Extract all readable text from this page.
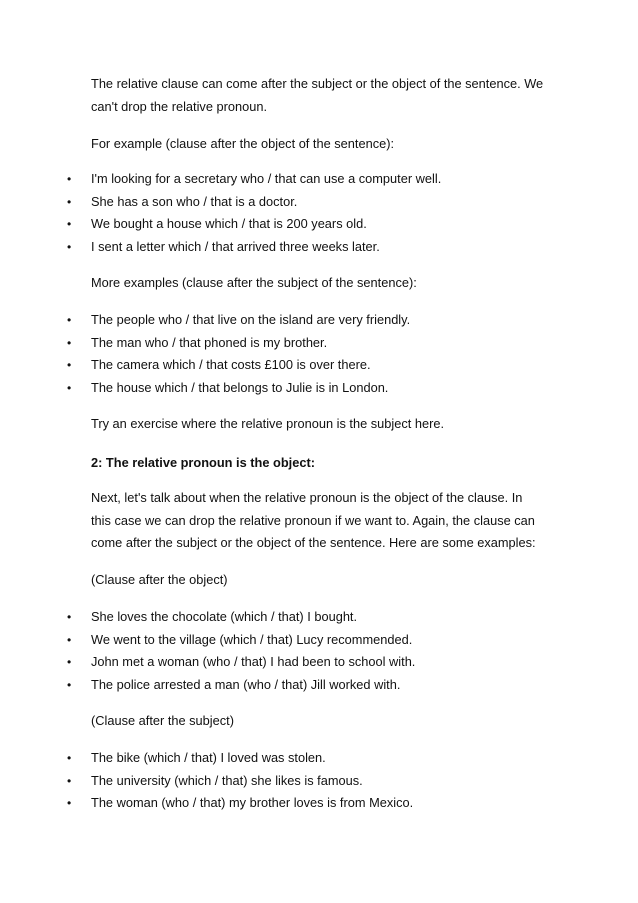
The relative clause can come after the subject or the object of the sentence. We
can't drop the relative pronoun.

For example (clause after the object of the sentence):

• I'm looking for a secretary who / that can use a computer well.
• She has a son who / that is a doctor.
• We bought a house which / that is 200 years old.
• I sent a letter which / that arrived three weeks later.

More examples (clause after the subject of the sentence):

• The people who / that live on the island are very friendly.
• The man who / that phoned is my brother.
• The camera which / that costs £100 is over there.
• The house which / that belongs to Julie is in London.

Try an exercise where the relative pronoun is the subject here.

2: The relative pronoun is the object:

Next, let's talk about when the relative pronoun is the object of the clause. In
this case we can drop the relative pronoun if we want to. Again, the clause can
come after the subject or the object of the sentence. Here are some examples:

(Clause after the object)

• She loves the chocolate (which / that) I bought.
• We went to the village (which / that) Lucy recommended.
• John met a woman (who / that) I had been to school with.
• The police arrested a man (who / that) Jill worked with.

(Clause after the subject)

• The bike (which / that) I loved was stolen.
• The university (which / that) she likes is famous.
• The woman (who / that) my brother loves is from Mexico.
